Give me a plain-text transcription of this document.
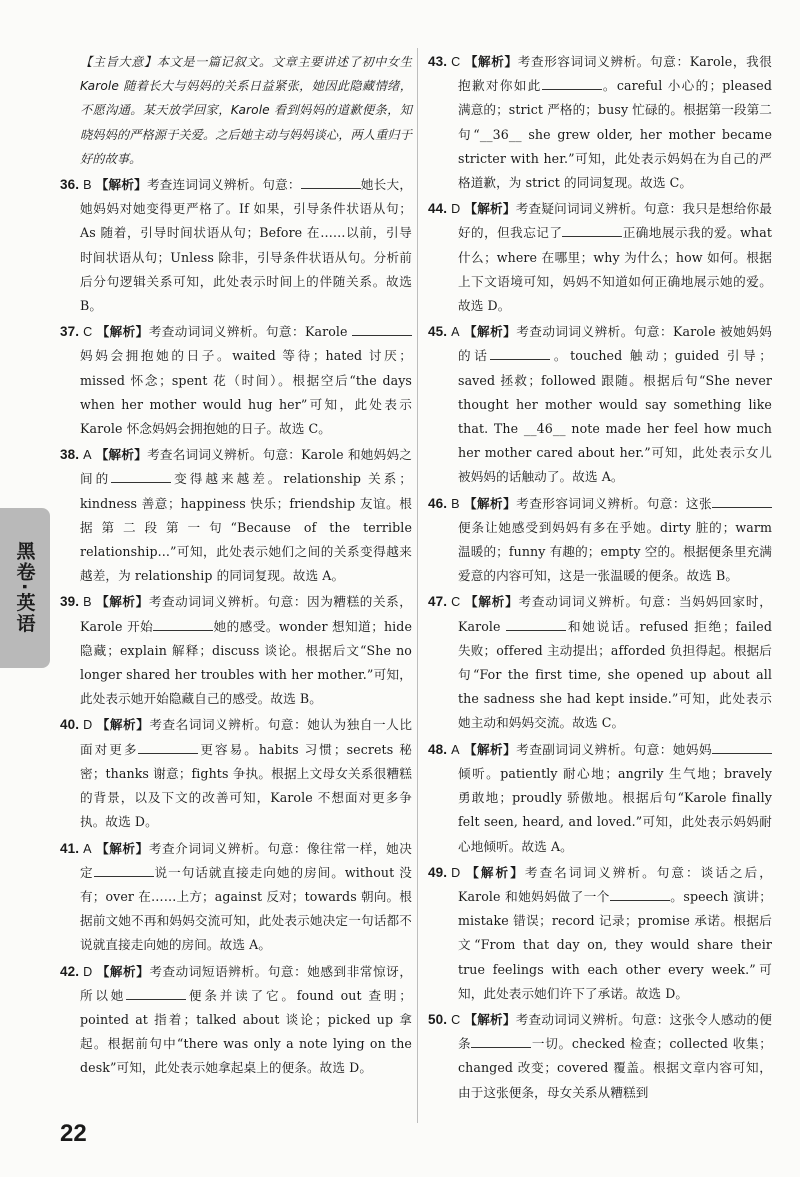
黑卷·英语

【主旨大意】本文是一篇记叙文。文章主要讲述了初中女生 Karole 随着长大与妈妈的关系日益紧张，她因此隐藏情绪，不愿沟通。某天放学回家，Karole 看到妈妈的道歉便条，知晓妈妈的严格源于关爱。之后她主动与妈妈谈心，两人重归于好的故事。

36. B 【解析】考查连词词义辨析。句意：	她长大，她妈妈对她变得更严格了。If 如果，引导条件状语从句；As 随着，引导时间状语从句；Before 在……以前，引导时间状语从句；Unless 除非，引导条件状语从句。分析前后分句逻辑关系可知，此处表示时间上的伴随关系。故选 B。

37. C 【解析】考查动词词义辨析。句意：Karole 妈妈会拥抱她的日子。waited 等待；hated 讨厌；missed 怀念；spent 花（时间）。根据空后“the days when her mother would hug her”可知，此处表示 Karole 怀念妈妈会拥抱她的日子。故选 C。

38. A 【解析】考查名词词义辨析。句意：Karole 和她妈妈之间的	变得越来越差。relationship 关系；kindness 善意；happiness 快乐；friendship 友谊。根据第二段第一句“Because of the terrible relationship...”可知，此处表示她们之间的关系变得越来越差，为 relationship 的同词复现。故选 A。

39. B 【解析】考查动词词义辨析。句意：因为糟糕的关系，Karole 开始	她的感受。wonder 想知道；hide 隐藏；explain 解释；discuss 谈论。根据后文“She no longer shared her troubles with her mother.”可知，此处表示她开始隐藏自己的感受。故选 B。

40. D 【解析】考查名词词义辨析。句意：她认为独自一人比面对更多	更容易。habits 习惯；secrets 秘密；thanks 谢意；fights 争执。根据上文母女关系很糟糕的背景，以及下文的改善可知，Karole 不想面对更多争执。故选 D。

41. A 【解析】考查介词词义辨析。句意：像往常一样，她决定	说一句话就直接走向她的房间。without 没有；over 在……上方；against 反对；towards 朝向。根据前文她不再和妈妈交流可知，此处表示她决定一句话都不说就直接走向她的房间。故选 A。

42. D 【解析】考查动词短语辨析。句意：她感到非常惊讶，所以她	便条并读了它。found out 查明；pointed at 指着；talked about 谈论；picked up 拿起。根据前句中“there was only a note lying on the desk”可知，此处表示她拿起桌上的便条。故选 D。

43. C 【解析】考查形容词词义辨析。句意：Karole，我很抱歉对你如此	。careful 小心的；pleased 满意的；strict 严格的；busy 忙碌的。根据第一段第二句“__36__ she grew older, her mother became stricter with her.”可知，此处表示妈妈在为自己的严格道歉，为 strict 的同词复现。故选 C。

44. D 【解析】考查疑问词词义辨析。句意：我只是想给你最好的，但我忘记了	正确地展示我的爱。what 什么；where 在哪里；why 为什么；how 如何。根据上下文语境可知，妈妈不知道如何正确地展示她的爱。故选 D。

45. A 【解析】考查动词词义辨析。句意：Karole 被她妈妈的话	。touched 触动；guided 引导；saved 拯救；followed 跟随。根据后句“She never thought her mother would say something like that. The __46__ note made her feel how much her mother cared about her.”可知，此处表示女儿被妈妈的话触动了。故选 A。

46. B 【解析】考查形容词词义辨析。句意：这张便条让她感受到妈妈有多在乎她。dirty 脏的；warm 温暖的；funny 有趣的；empty 空的。根据便条里充满爱意的内容可知，这是一张温暖的便条。故选 B。

47. C 【解析】考查动词词义辨析。句意：当妈妈回家时，Karole	和她说话。refused 拒绝；failed 失败；offered 主动提出；afforded 负担得起。根据后句“For the first time, she opened up about all the sadness she had kept inside.”可知，此处表示她主动和妈妈交流。故选 C。

48. A 【解析】考查副词词义辨析。句意：她妈妈倾听。patiently 耐心地；angrily 生气地；bravely 勇敢地；proudly 骄傲地。根据后句“Karole finally felt seen, heard, and loved.”可知，此处表示妈妈耐心地倾听。故选 A。

49. D 【解析】考查名词词义辨析。句意：谈话之后，Karole 和她妈妈做了一个	。speech 演讲；mistake 错误；record 记录；promise 承诺。根据后文“From that day on, they would share their true feelings with each other every week.”可知，此处表示她们许下了承诺。故选 D。

50. C 【解析】考查动词词义辨析。句意：这张令人感动的便条	一切。checked 检查；collected 收集；changed 改变；covered 覆盖。根据文章内容可知，由于这张便条，母女关系从糟糕到

22
